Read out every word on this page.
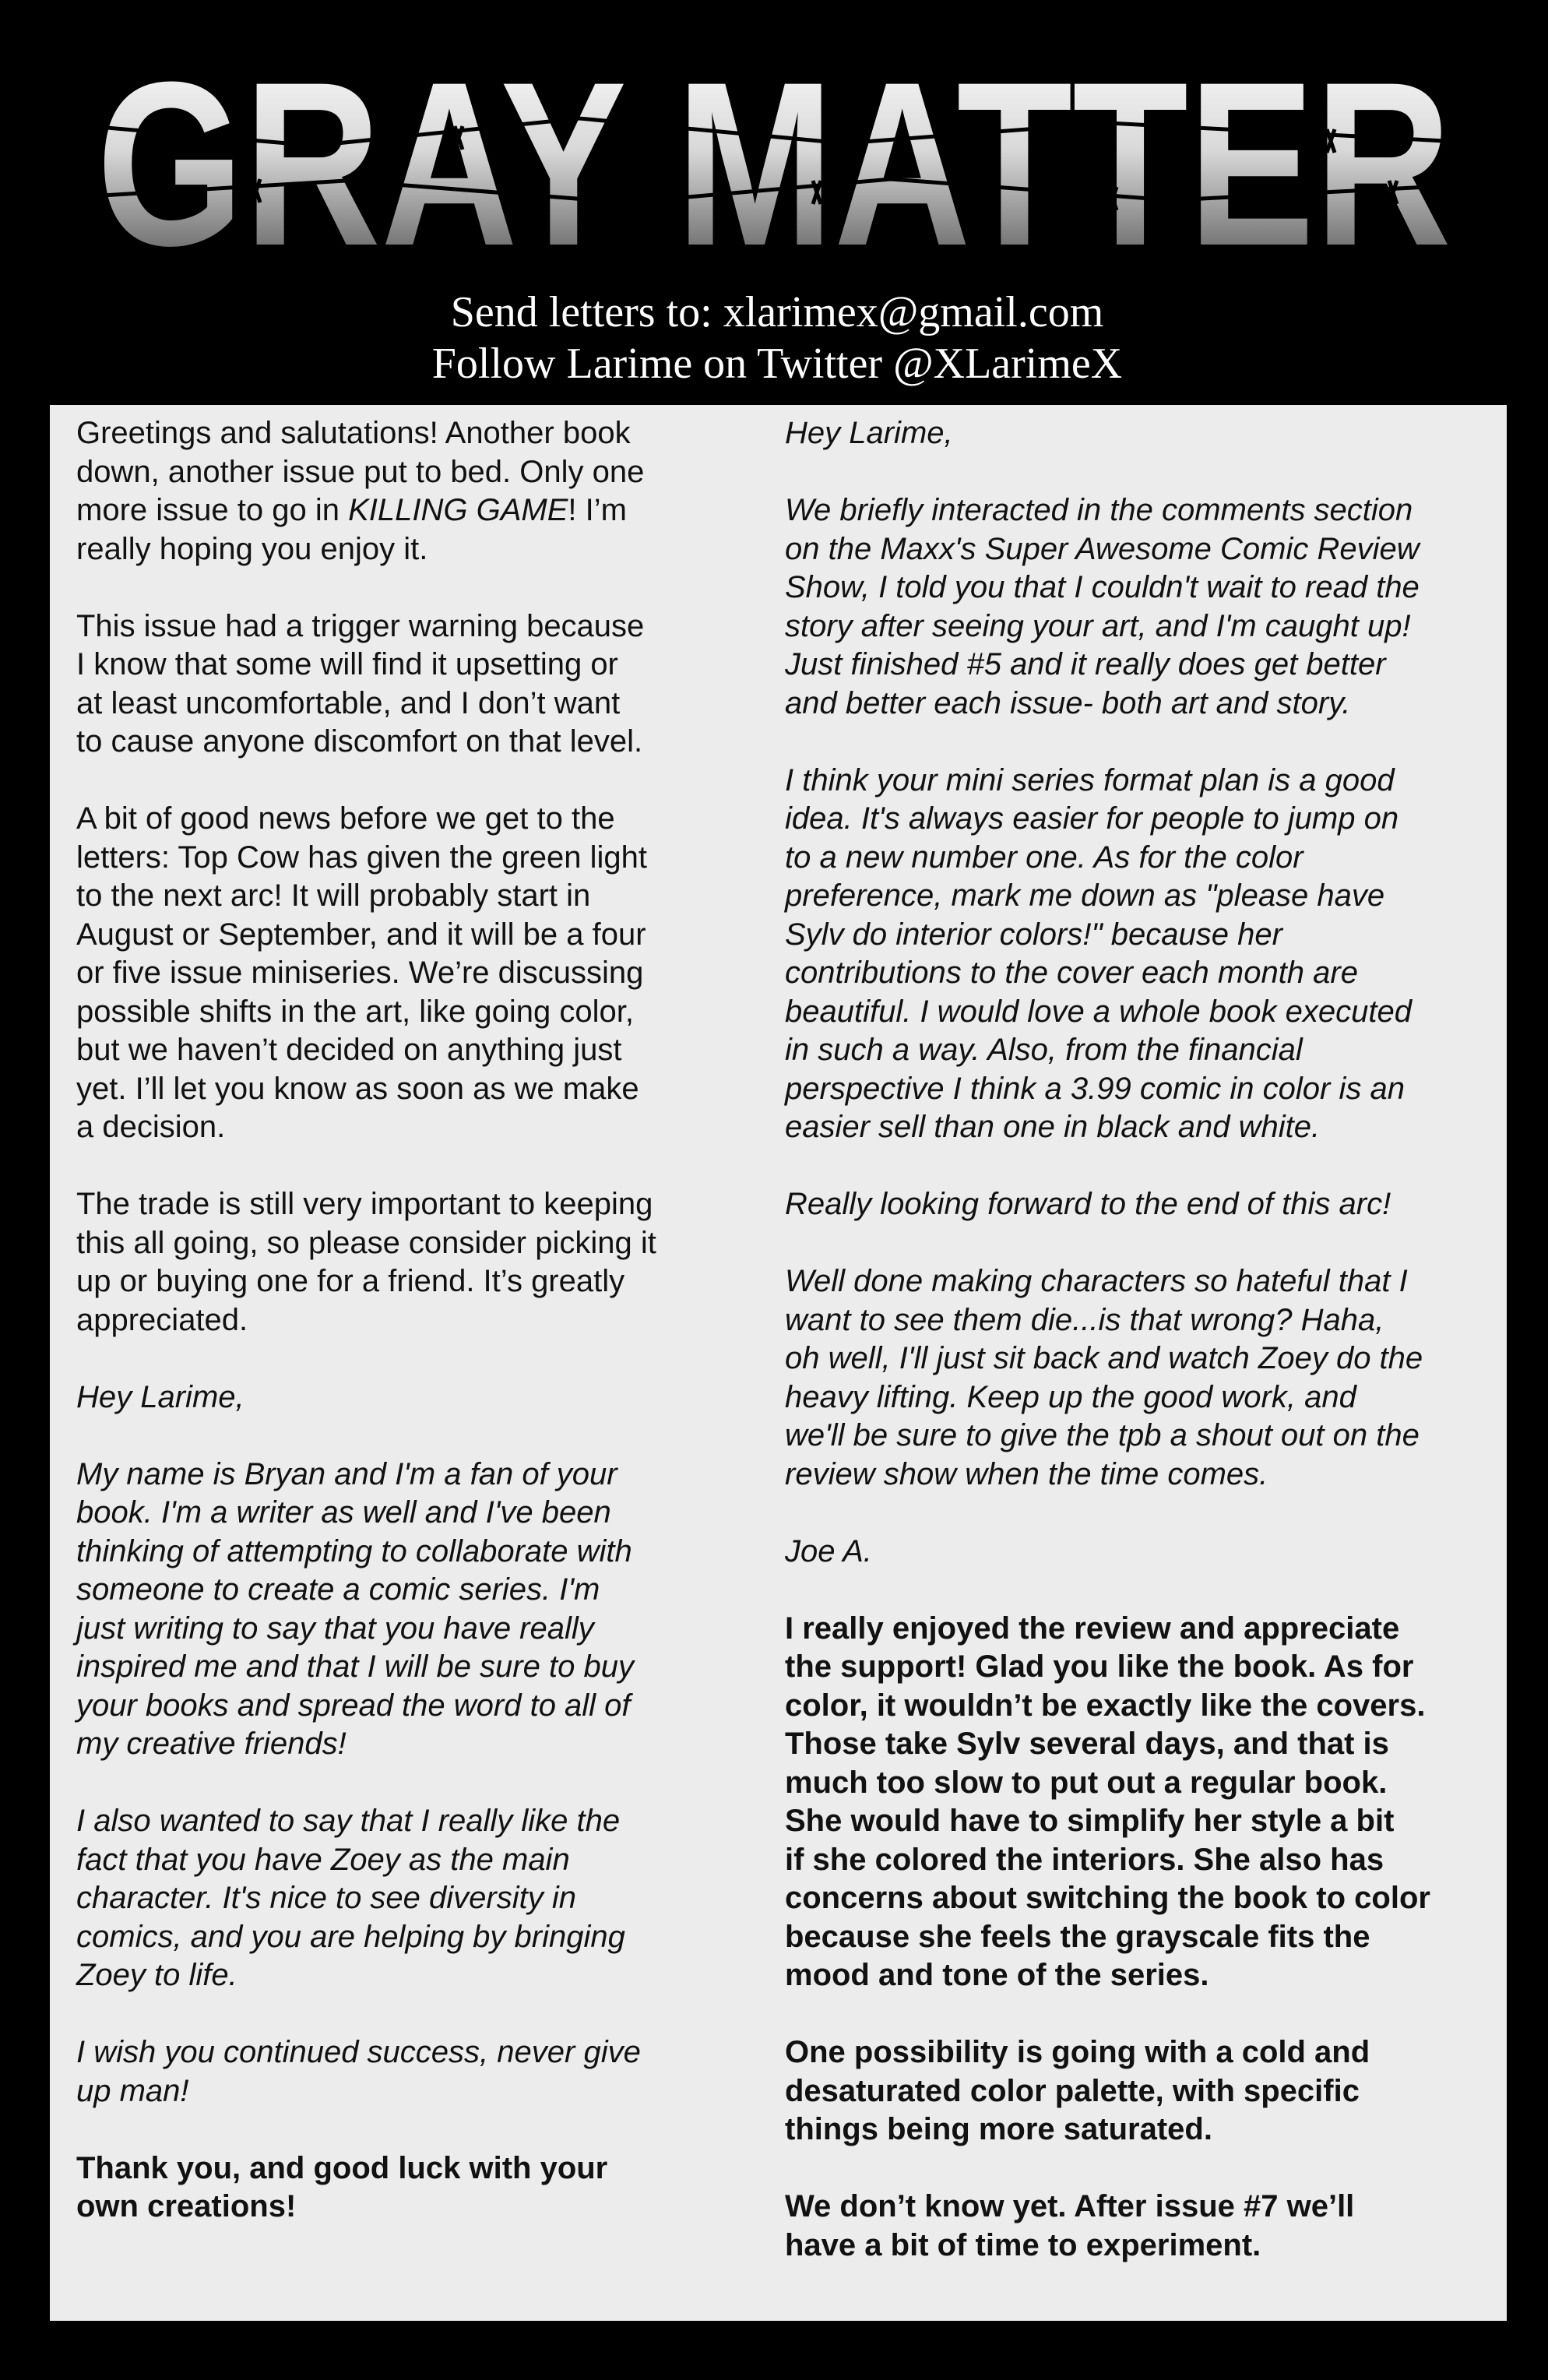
GRAY MATTER
Send letters to: xlarimex@gmail.com
Follow Larime on Twitter @XLarimeX

Greetings and salutations! Another book
down, another issue put to bed. Only one
more issue to go in KILLING GAME! I’m
really hoping you enjoy it.

This issue had a trigger warning because
I know that some will find it upsetting or
at least uncomfortable, and I don’t want
to cause anyone discomfort on that level.

A bit of good news before we get to the
letters: Top Cow has given the green light
to the next arc! It will probably start in
August or September, and it will be a four
or five issue miniseries. We’re discussing
possible shifts in the art, like going color,
but we haven’t decided on anything just
yet. I’ll let you know as soon as we make
a decision.

The trade is still very important to keeping
this all going, so please consider picking it
up or buying one for a friend. It’s greatly
appreciated.

Hey Larime,

My name is Bryan and I'm a fan of your
book. I'm a writer as well and I've been
thinking of attempting to collaborate with
someone to create a comic series. I'm
just writing to say that you have really
inspired me and that I will be sure to buy
your books and spread the word to all of
my creative friends!

I also wanted to say that I really like the
fact that you have Zoey as the main
character. It's nice to see diversity in
comics, and you are helping by bringing
Zoey to life.

I wish you continued success, never give
up man!

Thank you, and good luck with your
own creations!

Hey Larime,

We briefly interacted in the comments section
on the Maxx's Super Awesome Comic Review
Show, I told you that I couldn't wait to read the
story after seeing your art, and I'm caught up!
Just finished #5 and it really does get better
and better each issue- both art and story.

I think your mini series format plan is a good
idea. It's always easier for people to jump on
to a new number one. As for the color
preference, mark me down as "please have
Sylv do interior colors!" because her
contributions to the cover each month are
beautiful. I would love a whole book executed
in such a way. Also, from the financial
perspective I think a 3.99 comic in color is an
easier sell than one in black and white.

Really looking forward to the end of this arc!

Well done making characters so hateful that I
want to see them die...is that wrong? Haha,
oh well, I'll just sit back and watch Zoey do the
heavy lifting. Keep up the good work, and
we'll be sure to give the tpb a shout out on the
review show when the time comes.

Joe A.

I really enjoyed the review and appreciate
the support! Glad you like the book. As for
color, it wouldn’t be exactly like the covers.
Those take Sylv several days, and that is
much too slow to put out a regular book.
She would have to simplify her style a bit
if she colored the interiors. She also has
concerns about switching the book to color
because she feels the grayscale fits the
mood and tone of the series.

One possibility is going with a cold and
desaturated color palette, with specific
things being more saturated.

We don’t know yet. After issue #7 we’ll
have a bit of time to experiment.
